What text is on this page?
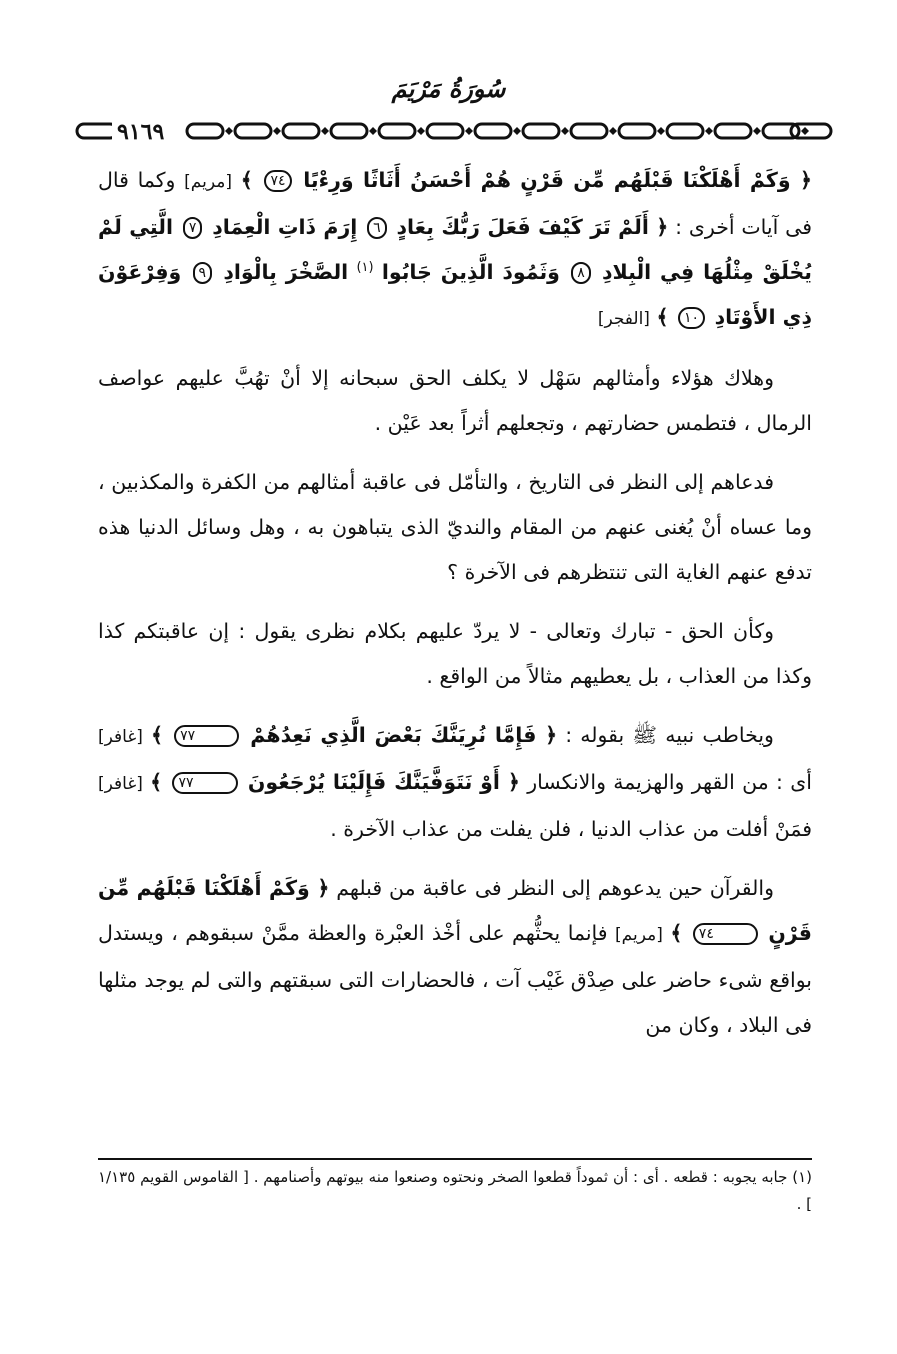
سُورَةُ مَرْيَمَ
٩١٦٩

﴿ وَكَمْ أَهْلَكْنَا قَبْلَهُم مِّن قَرْنٍ هُمْ أَحْسَنُ أَثَاثًا وَرِءْيًا ٧٤ ﴾ [مريم] وكما قال فى آيات أخرى : ﴿ أَلَمْ تَرَ كَيْفَ فَعَلَ رَبُّكَ بِعَادٍ ٦ إِرَمَ ذَاتِ الْعِمَادِ ٧ الَّتِي لَمْ يُخْلَقْ مِثْلُهَا فِي الْبِلادِ ٨ وَثَمُودَ الَّذِينَ جَابُوا $^{(١)}$ الصَّخْرَ بِالْوَادِ ٩ وَفِرْعَوْنَ ذِي الأَوْتَادِ ١٠ ﴾ [الفجر]

وهلاك هؤلاء وأمثالهم سَهْل لا يكلف الحق سبحانه إلا أنْ تهُبَّ عليهم عواصف الرمال ، فتطمس حضارتهم ، وتجعلهم أثراً بعد عَيْن .

فدعاهم إلى النظر فى التاريخ ، والتأمّل فى عاقبة أمثالهم من الكفرة والمكذبين ، وما عساه أنْ يُغنى عنهم من المقام والنديّ الذى يتباهون به ، وهل وسائل الدنيا هذه تدفع عنهم الغاية التى تنتظرهم فى الآخرة ؟

وكأن الحق - تبارك وتعالى - لا يردّ عليهم بكلام نظرى يقول : إن عاقبتكم كذا وكذا من العذاب ، بل يعطيهم مثالاً من الواقع .

ويخاطب نبيه ﷺ بقوله : ﴿ فَإِمَّا نُرِيَنَّكَ بَعْضَ الَّذِي نَعِدُهُمْ ٧٧ ﴾ [غافر] أى : من القهر والهزيمة والانكسار ﴿ أَوْ نَتَوَفَّيَنَّكَ فَإِلَيْنَا يُرْجَعُونَ ٧٧ ﴾ [غافر] فمَنْ أفلت من عذاب الدنيا ، فلن يفلت من عذاب الآخرة .

والقرآن حين يدعوهم إلى النظر فى عاقبة من قبلهم ﴿ وَكَمْ أَهْلَكْنَا قَبْلَهُم مِّن قَرْنٍ ٧٤ ﴾ [مريم] فإنما يحثُّهم على أخْذ العبْرة والعظة ممَّنْ سبقوهم ، ويستدل بواقع شىء حاضر على صِدْق غَيْب آت ، فالحضارات التى سبقتهم والتى لم يوجد مثلها فى البلاد ، وكان من

(١) جابه يجوبه : قطعه . أى : أن ثموداً قطعوا الصخر ونحتوه وصنعوا منه بيوتهم وأصنامهم . [ القاموس القويم ١/١٣٥ ] .
